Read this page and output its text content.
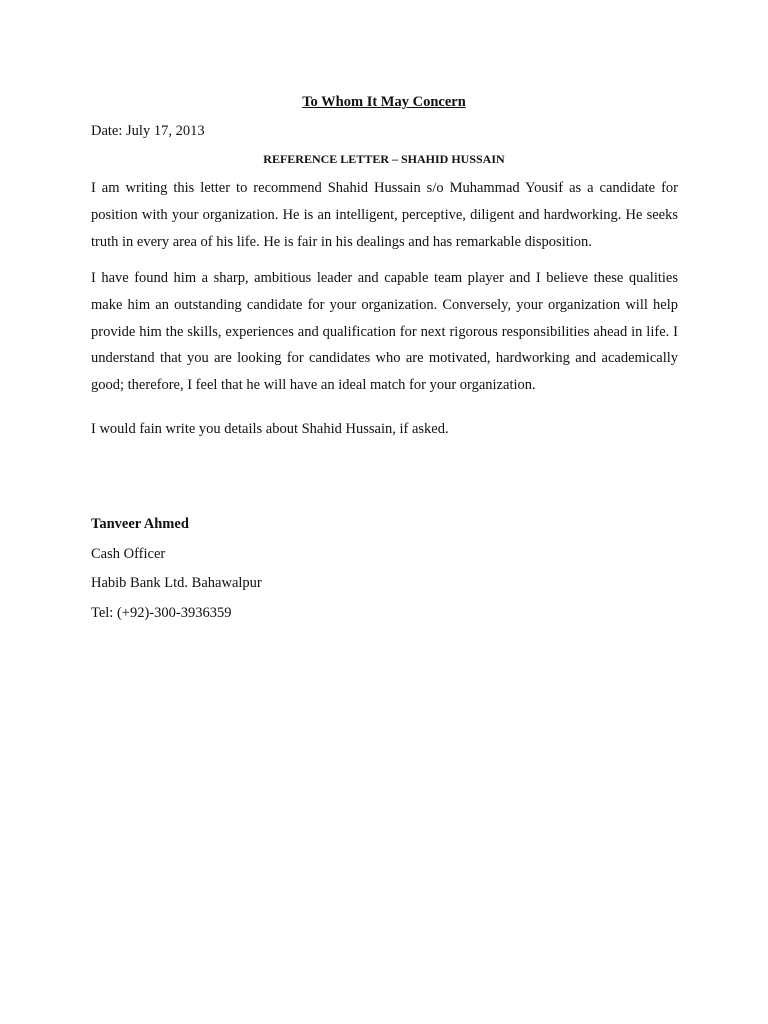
To Whom It May Concern
Date: July 17, 2013
REFERENCE LETTER – SHAHID HUSSAIN

I am writing this letter to recommend Shahid Hussain s/o Muhammad Yousif as a candidate for position with your organization. He is an intelligent, perceptive, diligent and hardworking. He seeks truth in every area of his life. He is fair in his dealings and has remarkable disposition.

I have found him a sharp, ambitious leader and capable team player and I believe these qualities make him an outstanding candidate for your organization. Conversely, your organization will help provide him the skills, experiences and qualification for next rigorous responsibilities ahead in life. I understand that you are looking for candidates who are motivated, hardworking and academically good; therefore, I feel that he will have an ideal match for your organization.

I would fain write you details about Shahid Hussain, if asked.

Tanveer Ahmed
Cash Officer
Habib Bank Ltd. Bahawalpur
Tel: (+92)-300-3936359
